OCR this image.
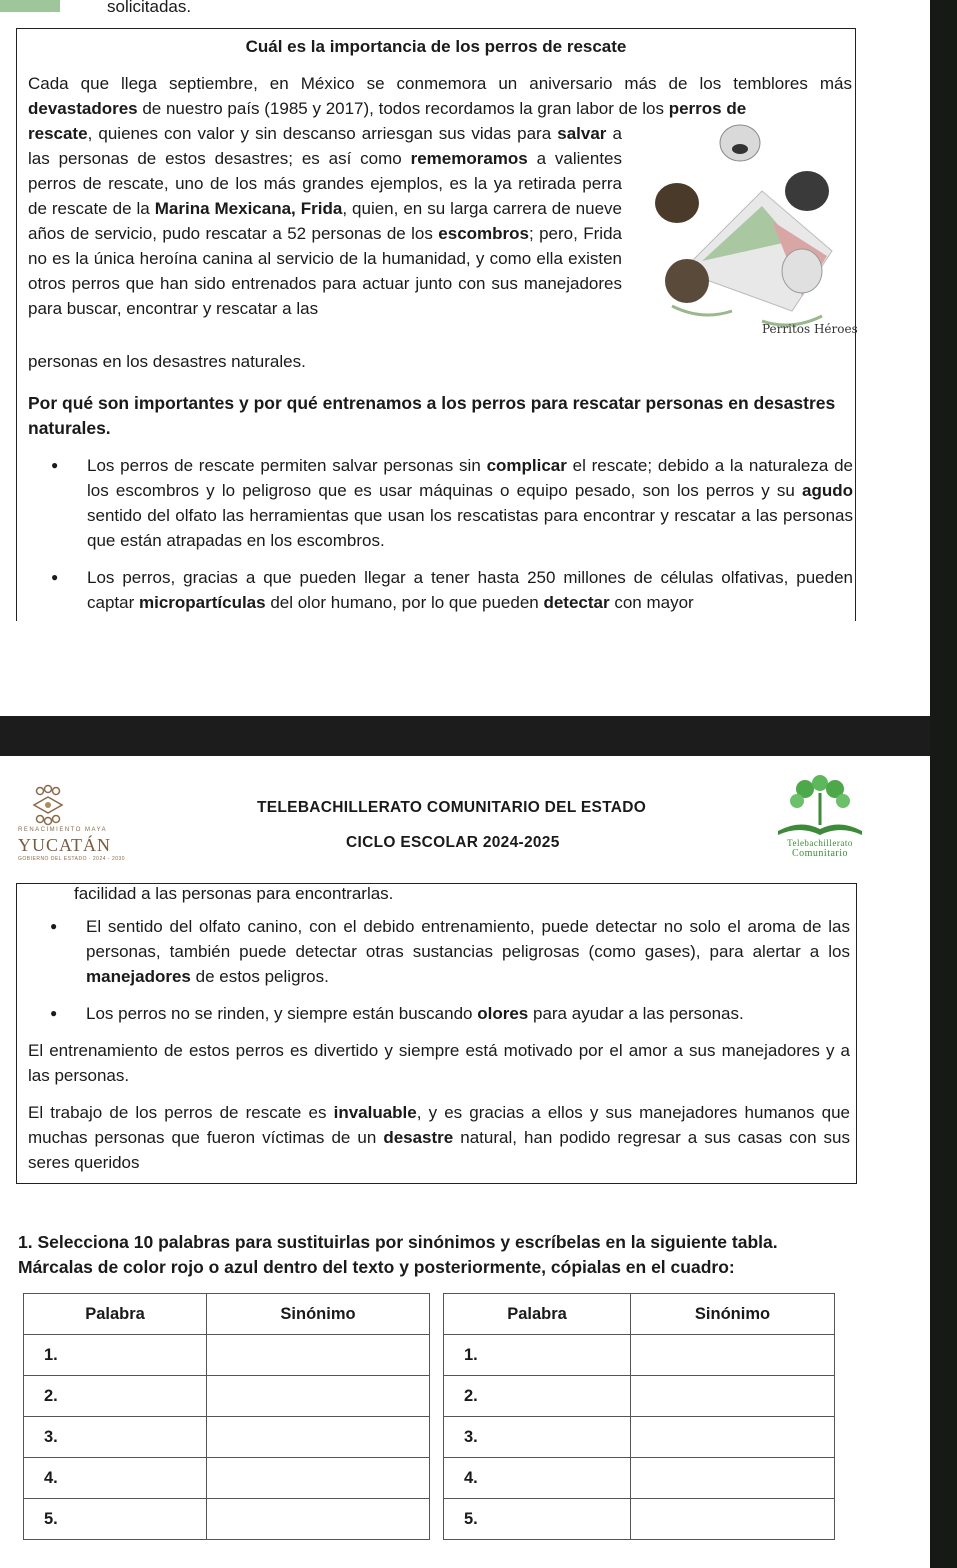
solicitadas.
Cuál es la importancia de los perros de rescate

Cada que llega septiembre, en México se conmemora un aniversario más de los temblores más devastadores de nuestro país (1985 y 2017), todos recordamos la gran labor de los perros de

rescate, quienes con valor y sin descanso arriesgan sus vidas para salvar a las personas de estos desastres; es así como rememoramos a valientes perros de rescate, uno de los más grandes ejemplos, es la ya retirada perra de rescate de la Marina Mexicana, Frida, quien, en su larga carrera de nueve años de servicio, pudo rescatar a 52 personas de los escombros; pero, Frida no es la única heroína canina al servicio de la humanidad, y como ella existen otros perros que han sido entrenados para actuar junto con sus manejadores para buscar, encontrar y rescatar a las

Perritos Héroes

personas en los desastres naturales.

Por qué son importantes y por qué entrenamos a los perros para rescatar personas en desastres naturales.
● Los perros de rescate permiten salvar personas sin complicar el rescate; debido a la naturaleza de los escombros y lo peligroso que es usar máquinas o equipo pesado, son los perros y su agudo sentido del olfato las herramientas que usan los rescatistas para encontrar y rescatar a las personas que están atrapadas en los escombros.
● Los perros, gracias a que pueden llegar a tener hasta 250 millones de células olfativas, pueden captar micropartículas del olor humano, por lo que pueden detectar con mayor
RENACIMIENTO MAYA
YUCATÁN
GOBIERNO DEL ESTADO · 2024 - 2030
TELEBACHILLERATO COMUNITARIO DEL ESTADO
CICLO ESCOLAR 2024-2025	Telebachillerato
Comunitario

facilidad a las personas para encontrarlas.

● El sentido del olfato canino, con el debido entrenamiento, puede detectar no solo el aroma de las personas, también puede detectar otras sustancias peligrosas (como gases), para alertar a los manejadores de estos peligros.
● Los perros no se rinden, y siempre están buscando olores para ayudar a las personas.

El entrenamiento de estos perros es divertido y siempre está motivado por el amor a sus manejadores y a las personas.

El trabajo de los perros de rescate es invaluable, y es gracias a ellos y sus manejadores humanos que muchas personas que fueron víctimas de un desastre natural, han podido regresar a sus casas con sus seres queridos

1. Selecciona 10 palabras para sustituirlas por sinónimos y escríbelas en la siguiente tabla.
Márcalas de color rojo o azul dentro del texto y posteriormente, cópialas en el cuadro:
Palabra	Sinónimo
1.	
2.	
3.	
4.	
5.	
Palabra	Sinónimo
1.	
2.	
3.	
4.	
5.	
